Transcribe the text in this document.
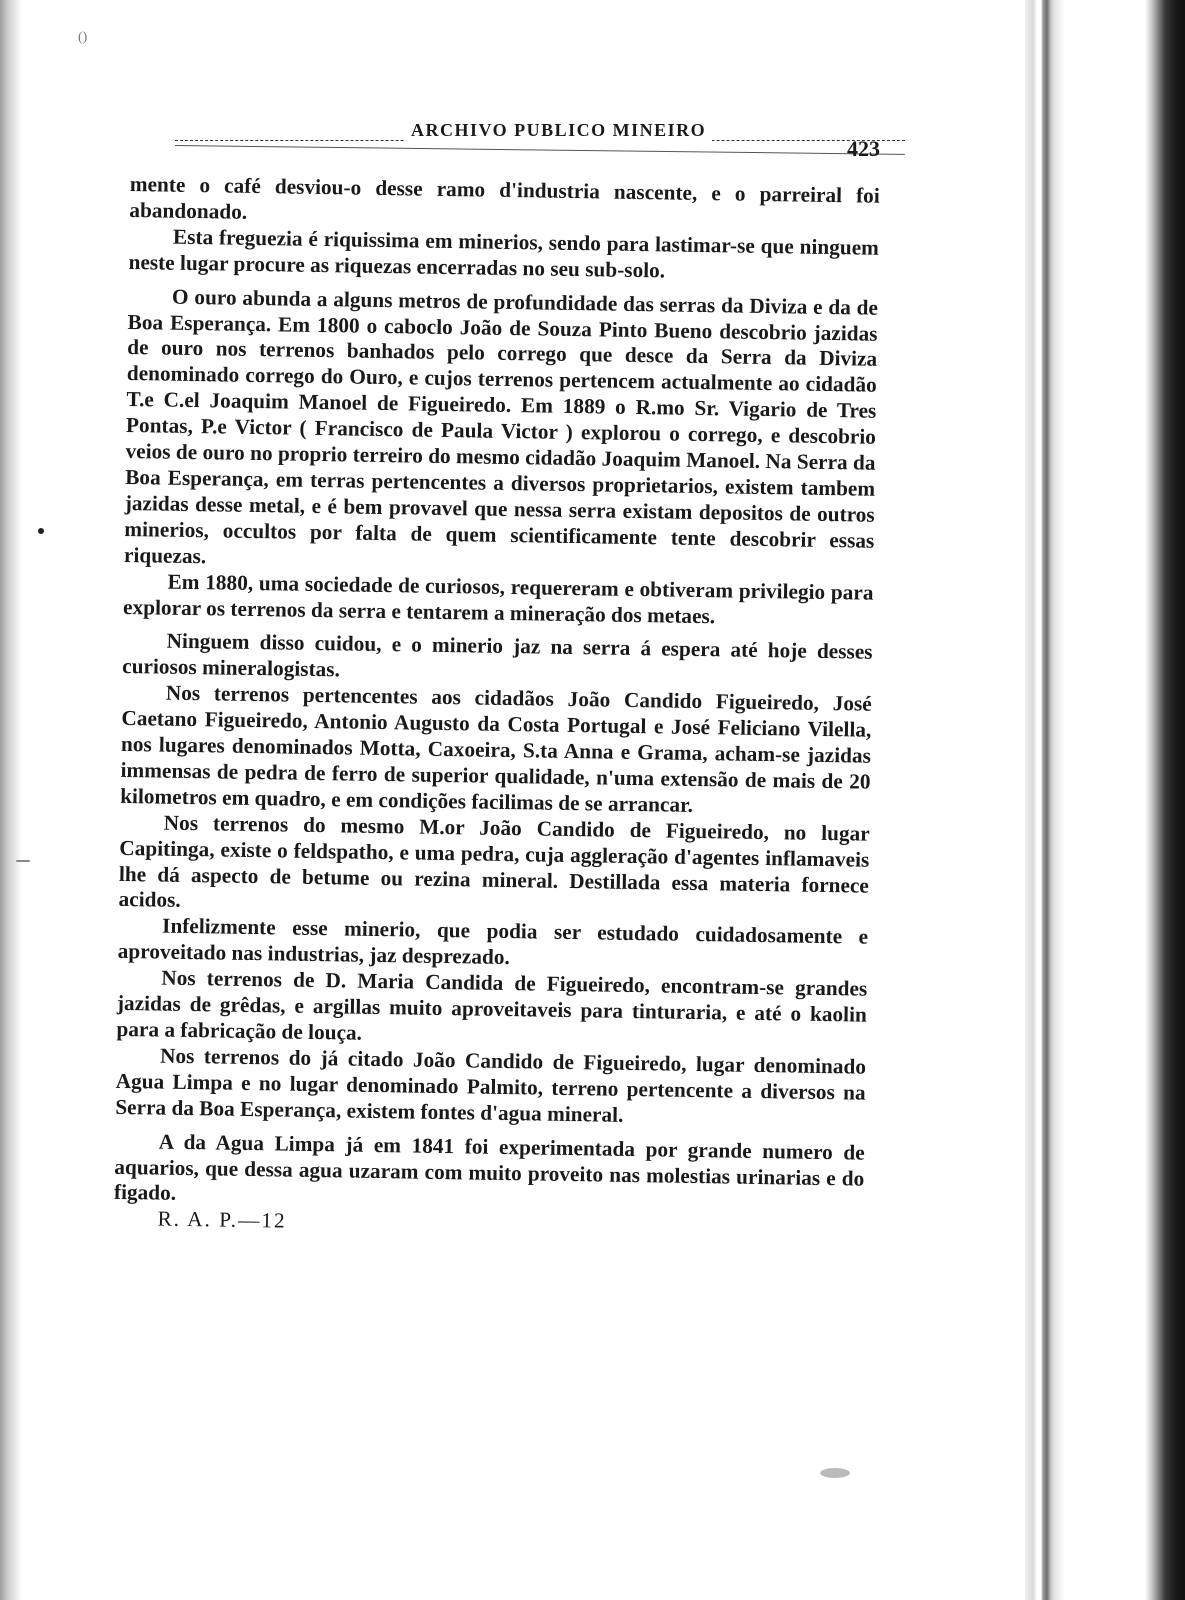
()
ARCHIVO PUBLICO MINEIRO
423

mente o café desviou-o desse ramo d'industria nascente, e o parreiral foi abandonado.

Esta freguezia é riquissima em minerios, sendo para lastimar-se que ninguem neste lugar procure as riquezas encerradas no seu sub-solo.

O ouro abunda a alguns metros de profundidade das serras da Diviza e da de Boa Esperança. Em 1800 o caboclo João de Souza Pinto Bueno descobrio jazidas de ouro nos terrenos banhados pelo corrego que desce da Serra da Diviza denominado corrego do Ouro, e cujos terrenos pertencem actualmente ao cidadão T.e C.el Joaquim Manoel de Figueiredo. Em 1889 o R.mo Sr. Vigario de Tres Pontas, P.e Victor ( Francisco de Paula Victor ) explorou o corrego, e descobrio veios de ouro no proprio terreiro do mesmo cidadão Joaquim Manoel. Na Serra da Boa Esperança, em terras pertencentes a diversos proprietarios, existem tambem jazidas desse metal, e é bem provavel que nessa serra existam depositos de outros minerios, occultos por falta de quem scientificamente tente descobrir essas riquezas.

Em 1880, uma sociedade de curiosos, requereram e obtiveram privilegio para explorar os terrenos da serra e tentarem a mineração dos metaes.

Ninguem disso cuidou, e o minerio jaz na serra á espera até hoje desses curiosos mineralogistas.

Nos terrenos pertencentes aos cidadãos João Candido Figueiredo, José Caetano Figueiredo, Antonio Augusto da Costa Portugal e José Feliciano Vilella, nos lugares denominados Motta, Caxoeira, S.ta Anna e Grama, acham-se jazidas immensas de pedra de ferro de superior qualidade, n'uma extensão de mais de 20 kilometros em quadro, e em condições facilimas de se arrancar.

Nos terrenos do mesmo M.or João Candido de Figueiredo, no lugar Capitinga, existe o feldspatho, e uma pedra, cuja aggleração d'agentes inflamaveis lhe dá aspecto de betume ou rezina mineral. Destillada essa materia fornece acidos.

Infelizmente esse minerio, que podia ser estudado cuidadosamente e aproveitado nas industrias, jaz desprezado.

Nos terrenos de D. Maria Candida de Figueiredo, encontram-se grandes jazidas de grêdas, e argillas muito aproveitaveis para tinturaria, e até o kaolin para a fabricação de louça.

Nos terrenos do já citado João Candido de Figueiredo, lugar denominado Agua Limpa e no lugar denominado Palmito, terreno pertencente a diversos na Serra da Boa Esperança, existem fontes d'agua mineral.

A da Agua Limpa já em 1841 foi experimentada por grande numero de aquarios, que dessa agua uzaram com muito proveito nas molestias urinarias e do figado.

R. A. P.—12
